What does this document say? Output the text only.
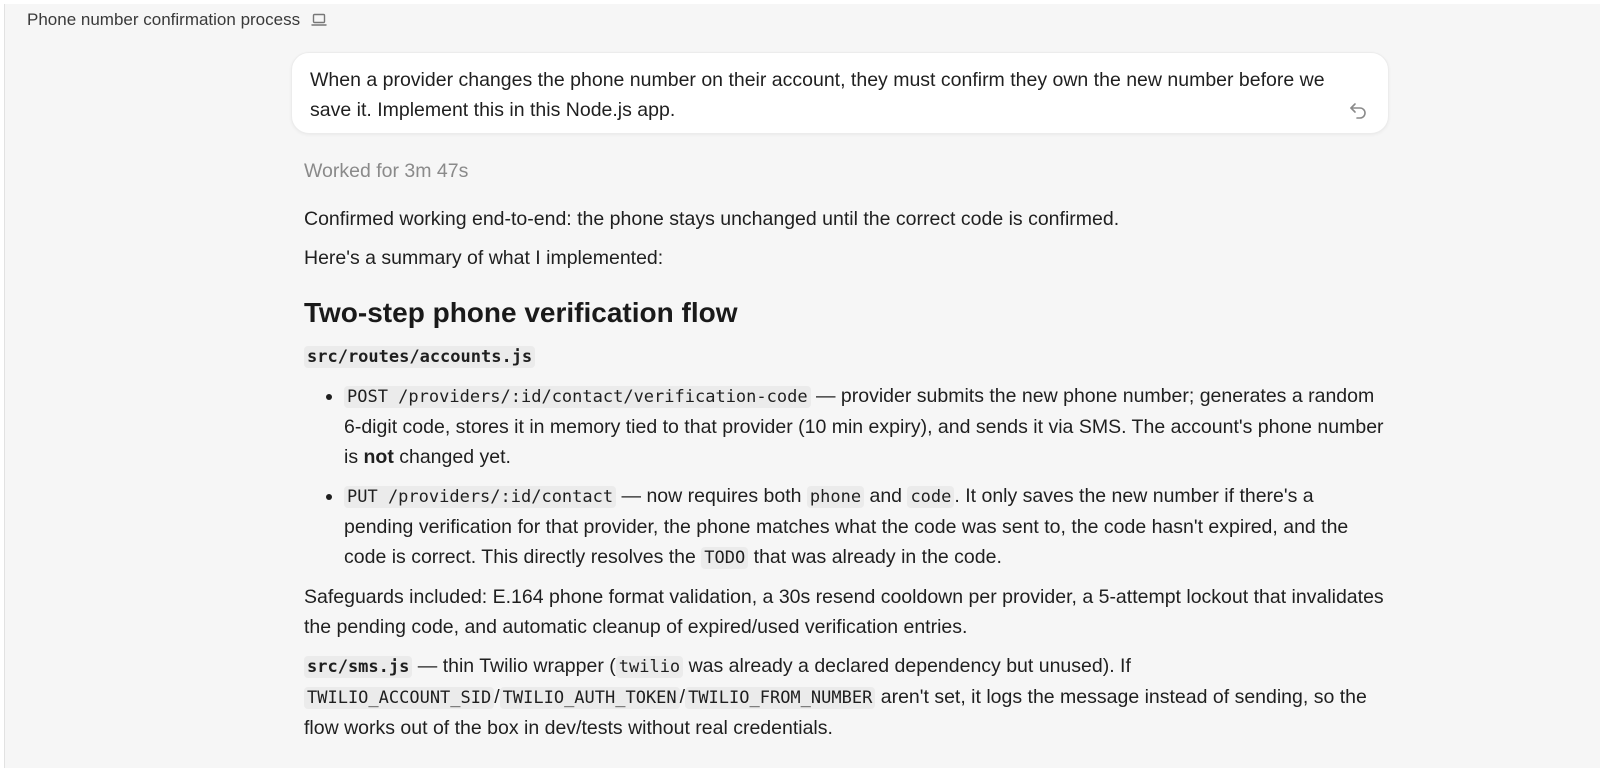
Phone number confirmation process
When a provider changes the phone number on their account, they must confirm they own the new number before we save it. Implement this in this Node.js app.
Worked for 3m 47s

Confirmed working end-to-end: the phone stays unchanged until the correct code is confirmed.

Here's a summary of what I implemented:

Two-step phone verification flow

src/routes/accounts.js

• POST /providers/:id/contact/verification-code — provider submits the new phone number; generates a random 6-digit code, stores it in memory tied to that provider (10 min expiry), and sends it via SMS. The account's phone number is not changed yet.
• PUT /providers/:id/contact — now requires both phone and code . It only saves the new number if there's a pending verification for that provider, the phone matches what the code was sent to, the code hasn't expired, and the code is correct. This directly resolves the TODO that was already in the code.

Safeguards included: E.164 phone format validation, a 30s resend cooldown per provider, a 5-attempt lockout that invalidates the pending code, and automatic cleanup of expired/used verification entries.

src/sms.js — thin Twilio wrapper ( twilio was already a declared dependency but unused). If
TWILIO_ACCOUNT_SID / TWILIO_AUTH_TOKEN / TWILIO_FROM_NUMBER aren't set, it logs the message instead of sending, so the flow works out of the box in dev/tests without real credentials.
